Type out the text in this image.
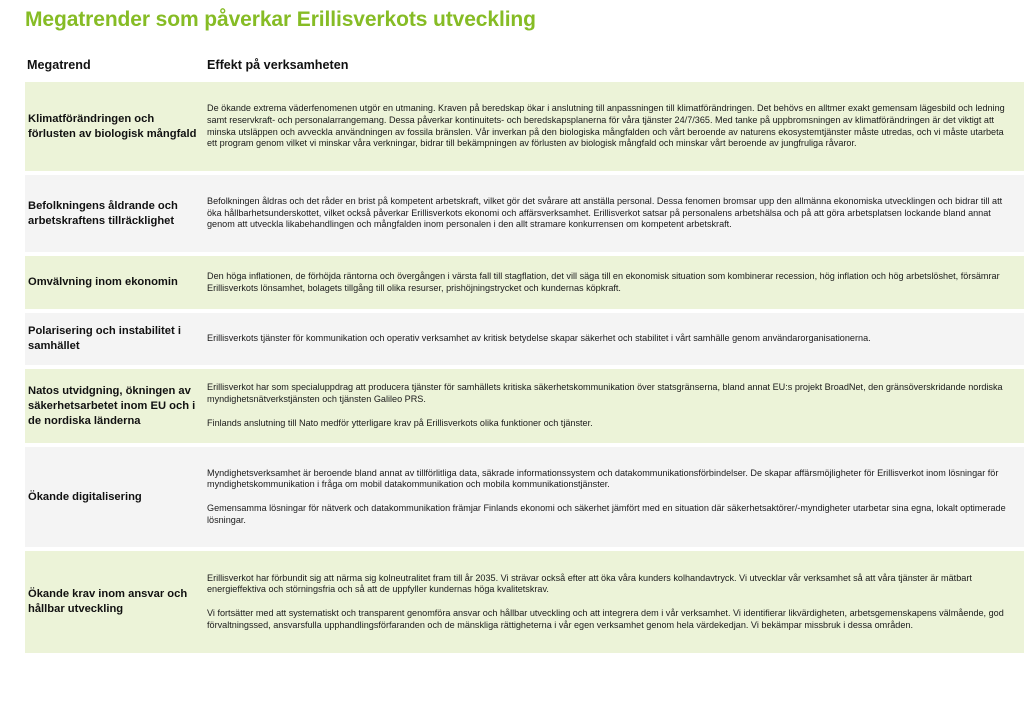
Megatrender som påverkar Erillisverkots utveckling
Megatrend	Effekt på verksamheten
Klimatförändringen och förlusten av biologisk mångfald

De ökande extrema väderfenomenen utgör en utmaning. Kraven på beredskap ökar i anslutning till anpassningen till klimatförändringen. Det behövs en alltmer exakt gemensam lägesbild och ledning samt reservkraft- och personalarrangemang. Dessa påverkar kontinuitets- och beredskapsplanerna för våra tjänster 24/7/365. Med tanke på uppbromsningen av klimatförändringen är det viktigt att minska utsläppen och avveckla användningen av fossila bränslen. Vår inverkan på den biologiska mångfalden och vårt beroende av naturens ekosystemtjänster måste utredas, och vi måste utarbeta ett program genom vilket vi minskar våra verkningar, bidrar till bekämpningen av förlusten av biologisk mångfald och minskar vårt beroende av jungfruliga råvaror.

Befolkningens åldrande och arbetskraftens tillräcklighet

Befolkningen åldras och det råder en brist på kompetent arbetskraft, vilket gör det svårare att anställa personal. Dessa fenomen bromsar upp den allmänna ekonomiska utvecklingen och bidrar till att öka hållbarhetsunderskottet, vilket också påverkar Erillisverkots ekonomi och affärsverksamhet. Erillisverkot satsar på personalens arbetshälsa och på att göra arbetsplatsen lockande bland annat genom att utveckla likabehandlingen och mångfalden inom personalen i den allt stramare konkurrensen om kompetent arbetskraft.

Omvälvning inom ekonomin

Den höga inflationen, de förhöjda räntorna och övergången i värsta fall till stagflation, det vill säga till en ekonomisk situation som kombinerar recession, hög inflation och hög arbetslöshet, försämrar Erillisverkots lönsamhet, bolagets tillgång till olika resurser, prishöjningstrycket och kundernas köpkraft.

Polarisering och instabilitet i samhället

Erillisverkots tjänster för kommunikation och operativ verksamhet av kritisk betydelse skapar säkerhet och stabilitet i vårt samhälle genom användarorganisationerna.

Natos utvidgning, ökningen av säkerhetsarbetet inom EU och i de nordiska länderna

Erillisverkot har som specialuppdrag att producera tjänster för samhällets kritiska säkerhetskommunikation över statsgränserna, bland annat EU:s projekt BroadNet, den gränsöverskridande nordiska myndighetsnätverkstjänsten och tjänsten Galileo PRS.

Finlands anslutning till Nato medför ytterligare krav på Erillisverkots olika funktioner och tjänster.

Ökande digitalisering

Myndighetsverksamhet är beroende bland annat av tillförlitliga data, säkrade informationssystem och datakommunikationsförbindelser. De skapar affärsmöjligheter för Erillisverkot inom lösningar för myndighetskommunikation i fråga om mobil datakommunikation och mobila kommunikationstjänster.

Gemensamma lösningar för nätverk och datakommunikation främjar Finlands ekonomi och säkerhet jämfört med en situation där säkerhetsaktörer/-myndigheter utarbetar sina egna, lokalt optimerade lösningar.

Ökande krav inom ansvar och hållbar utveckling

Erillisverkot har förbundit sig att närma sig kolneutralitet fram till år 2035. Vi strävar också efter att öka våra kunders kolhandavtryck. Vi utvecklar vår verksamhet så att våra tjänster är mätbart energieffektiva och störningsfria och så att de uppfyller kundernas höga kvalitetskrav.

Vi fortsätter med att systematiskt och transparent genomföra ansvar och hållbar utveckling och att integrera dem i vår verksamhet. Vi identifierar likvärdigheten, arbetsgemenskapens välmående, god förvaltningssed, ansvarsfulla upphandlingsförfaranden och de mänskliga rättigheterna i vår egen verksamhet genom hela värdekedjan. Vi bekämpar missbruk i dessa områden.
